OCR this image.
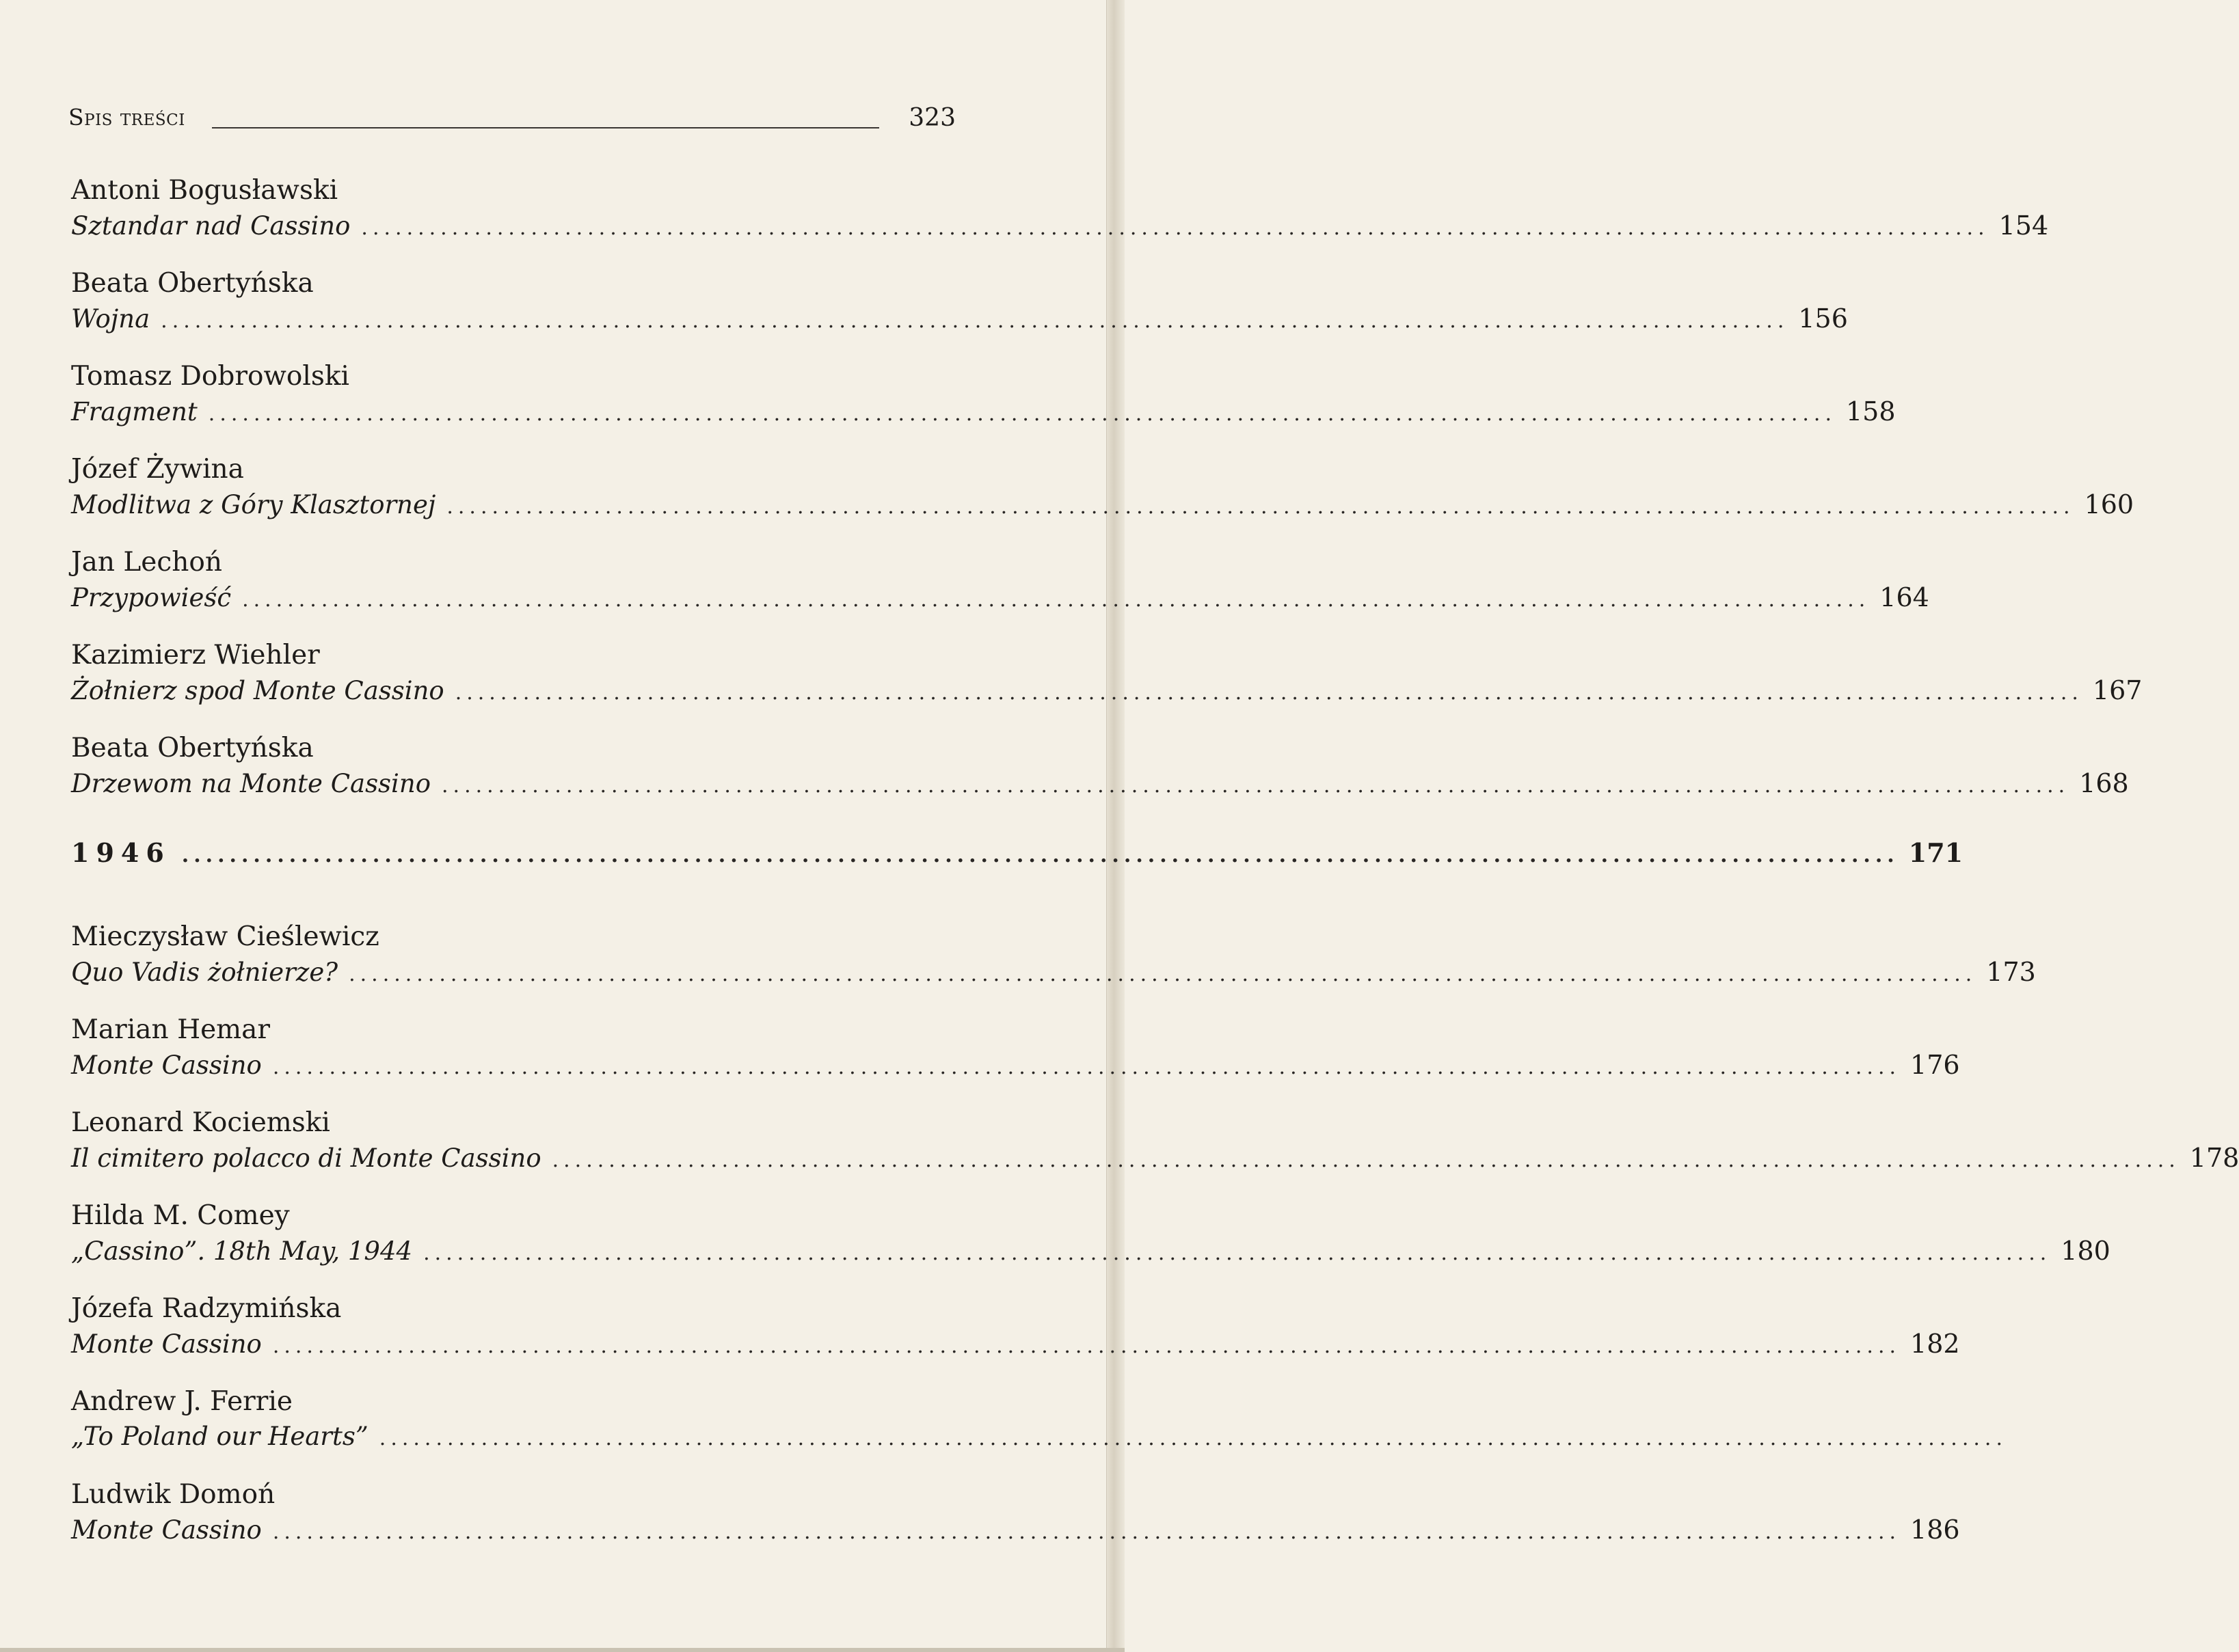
Spis treści	323
Antoni Bogusławski
Sztandar nad Cassino ................................................................................................................................................ 154
Beata Obertyńska
Wojna ................................................................................................................................................ 156
Tomasz Dobrowolski
Fragment ................................................................................................................................................ 158
Józef Żywina
Modlitwa z Góry Klasztornej ................................................................................................................................................ 160
Jan Lechoń
Przypowieść ................................................................................................................................................ 164
Kazimierz Wiehler
Żołnierz spod Monte Cassino ................................................................................................................................................ 167
Beata Obertyńska
Drzewom na Monte Cassino ................................................................................................................................................ 168
1946 ................................................................................................................................................ 171
Mieczysław Cieślewicz
Quo Vadis żołnierze? ................................................................................................................................................ 173
Marian Hemar
Monte Cassino ................................................................................................................................................ 176
Leonard Kociemski
Il cimitero polacco di Monte Cassino ................................................................................................................................................ 178
Hilda M. Comey
„Cassino”. 18th May, 1944 ................................................................................................................................................ 180
Józefa Radzymińska
Monte Cassino ................................................................................................................................................ 182
Andrew J. Ferrie
„To Poland our Hearts” ................................................................................................................................................
Ludwik Domoń
Monte Cassino ................................................................................................................................................ 186
